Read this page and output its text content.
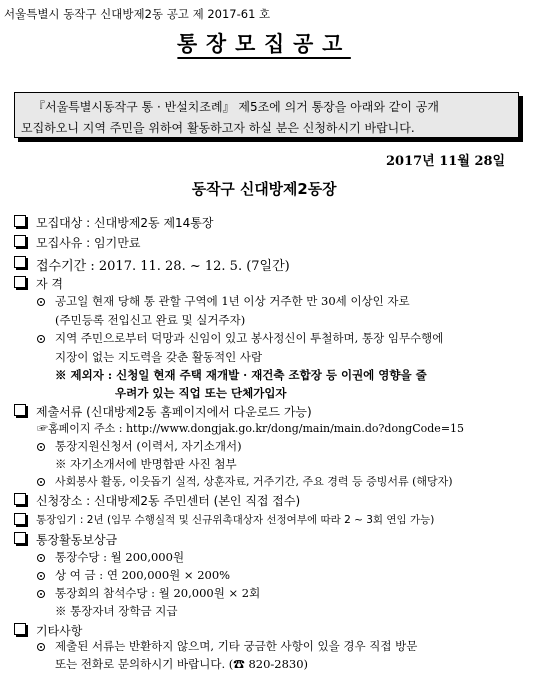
서울특별시 동작구 신대방제2동 공고 제 2017-61 호
통장모집공고
『서울특별시동작구 통 · 반설치조례』 제5조에 의거 통장을 아래와 같이 공개
모집하오니 지역 주민을 위하여 활동하고자 하실 분은 신청하시기 바랍니다.
2017년 11월 28일
동작구 신대방제2동장
모집대상 : 신대방제2동 제14통장
모집사유 : 임기만료
접수기간 : 2017. 11. 28. ~ 12. 5. (7일간)
자 격
공고일 현재 당해 통 관할 구역에 1년 이상 거주한 만 30세 이상인 자로
(주민등록 전입신고 완료 및 실거주자)
지역 주민으로부터 덕망과 신임이 있고 봉사정신이 투철하며, 통장 임무수행에
지장이 없는 지도력을 갖춘 활동적인 사람
※ 제외자 : 신청일 현재 주택 재개발 · 재건축 조합장 등 이권에 영향을 줄
우려가 있는 직업 또는 단체가입자
제출서류 (신대방제2동 홈페이지에서 다운로드 가능)
☞홈페이지 주소 : http://www.dongjak.go.kr/dong/main/main.do?dongCode=15
통장지원신청서 (이력서, 자기소개서)
※ 자기소개서에 반명함판 사진 첨부
사회봉사 활동, 이웃돕기 실적, 상훈자료, 거주기간, 주요 경력 등 증빙서류 (해당자)
신청장소 : 신대방제2동 주민센터 (본인 직접 접수)
통장임기 : 2년 (임무 수행실적 및 신규위촉대상자 선정여부에 따라 2 ~ 3회 연임 가능)
통장활동보상금
통장수당 : 월 200,000원
상 여 금 : 연 200,000원 × 200%
통장회의 참석수당 : 월 20,000원 × 2회
※ 통장자녀 장학금 지급
기타사항
제출된 서류는 반환하지 않으며, 기타 궁금한 사항이 있을 경우 직접 방문
또는 전화로 문의하시기 바랍니다. (☎ 820-2830)
